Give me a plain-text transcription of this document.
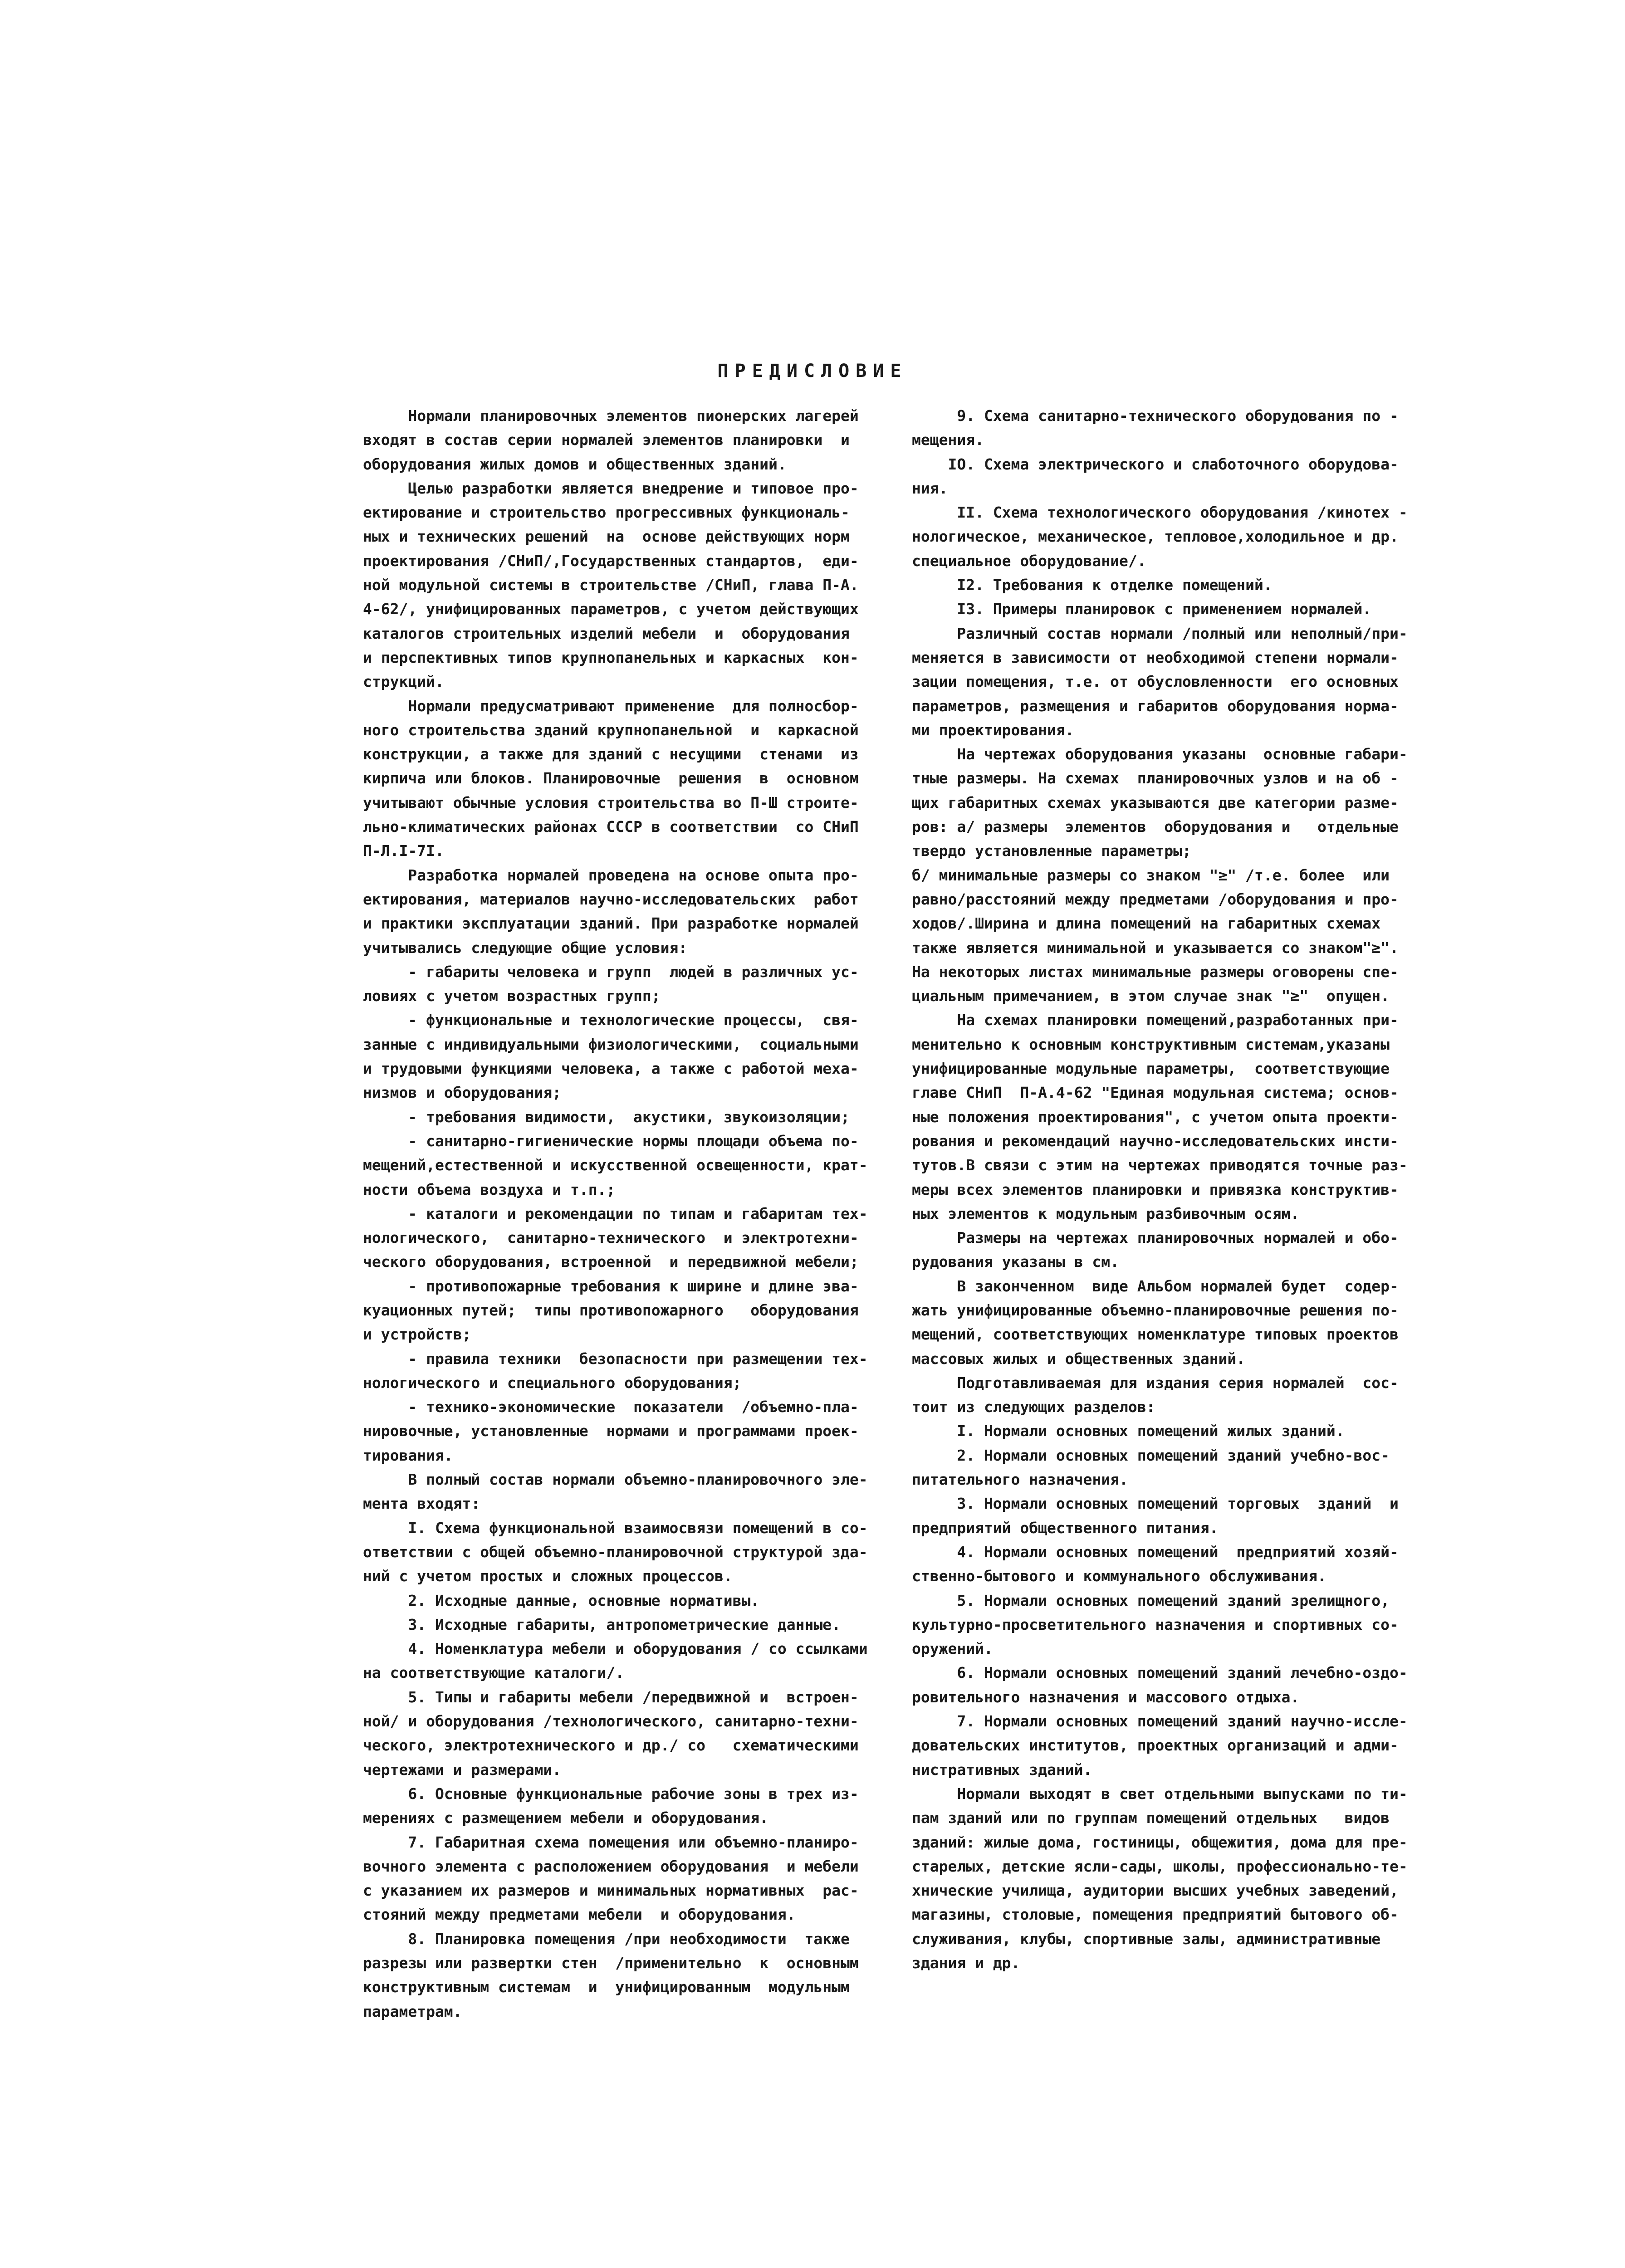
ПРЕДИСЛОВИЕ
Нормали планировочных элементов пионерских лагерей
входят в состав серии нормалей элементов планировки  и
оборудования жилых домов и общественных зданий.
Целью разработки является внедрение и типовое про-
ектирование и строительство прогрессивных функциональ-
ных и технических решений  на  основе действующих норм
проектирования /СНиП/,Государственных стандартов,  еди-
ной модульной системы в строительстве /СНиП, глава П-А.
4-62/, унифицированных параметров, с учетом действующих
каталогов строительных изделий мебели  и  оборудования
и перспективных типов крупнопанельных и каркасных  кон-
струкций.
Нормали предусматривают применение  для полносбор-
ного строительства зданий крупнопанельной  и  каркасной
конструкции, а также для зданий с несущими  стенами  из
кирпича или блоков. Планировочные  решения  в  основном
учитывают обычные условия строительства во П-Ш строите-
льно-климатических районах СССР в соответствии  со СНиП
П-Л.I-7I.
Разработка нормалей проведена на основе опыта про-
ектирования, материалов научно-исследовательских  работ
и практики эксплуатации зданий. При разработке нормалей
учитывались следующие общие условия:
- габариты человека и групп  людей в различных ус-
ловиях с учетом возрастных групп;
- функциональные и технологические процессы,  свя-
занные с индивидуальными физиологическими,  социальными
и трудовыми функциями человека, а также с работой меха-
низмов и оборудования;
- требования видимости,  акустики, звукоизоляции;
- санитарно-гигиенические нормы площади объема по-
мещений,естественной и искусственной освещенности, крат-
ности объема воздуха и т.п.;
- каталоги и рекомендации по типам и габаритам тех-
нологического,  санитарно-технического  и электротехни-
ческого оборудования, встроенной  и передвижной мебели;
- противопожарные требования к ширине и длине эва-
куационных путей;  типы противопожарного   оборудования
и устройств;
- правила техники  безопасности при размещении тех-
нологического и специального оборудования;
- технико-экономические  показатели  /объемно-пла-
нировочные, установленные  нормами и программами проек-
тирования.
В полный состав нормали объемно-планировочного эле-
мента входят:
I. Схема функциональной взаимосвязи помещений в со-
ответствии с общей объемно-планировочной структурой зда-
ний с учетом простых и сложных процессов.
2. Исходные данные, основные нормативы.
3. Исходные габариты, антропометрические данные.
4. Номенклатура мебели и оборудования / со ссылками
на соответствующие каталоги/.
5. Типы и габариты мебели /передвижной и  встроен-
ной/ и оборудования /технологического, санитарно-техни-
ческого, электротехнического и др./ со   схематическими
чертежами и размерами.
6. Основные функциональные рабочие зоны в трех из-
мерениях с размещением мебели и оборудования.
7. Габаритная схема помещения или объемно-планиро-
вочного элемента с расположением оборудования  и мебели
с указанием их размеров и минимальных нормативных  рас-
стояний между предметами мебели  и оборудования.
8. Планировка помещения /при необходимости  также
разрезы или развертки стен  /применительно  к  основным
конструктивным системам  и  унифицированным  модульным
параметрам.
9. Схема санитарно-технического оборудования по -
мещения.
IO. Схема электрического и слаботочного оборудова-
ния.
II. Схема технологического оборудования /кинотех -
нологическое, механическое, тепловое,холодильное и др.
специальное оборудование/.
I2. Требования к отделке помещений.
I3. Примеры планировок с применением нормалей.
Различный состав нормали /полный или неполный/при-
меняется в зависимости от необходимой степени нормали-
зации помещения, т.е. от обусловленности  его основных
параметров, размещения и габаритов оборудования норма-
ми проектирования.
На чертежах оборудования указаны  основные габари-
тные размеры. На схемах  планировочных узлов и на об -
щих габаритных схемах указываются две категории разме-
ров: а/ размеры  элементов  оборудования и   отдельные
твердо установленные параметры;
б/ минимальные размеры со знаком "≥" /т.е. более  или
равно/расстояний между предметами /оборудования и про-
ходов/.Ширина и длина помещений на габаритных схемах
также является минимальной и указывается со знаком"≥".
На некоторых листах минимальные размеры оговорены спе-
циальным примечанием, в этом случае знак "≥"  опущен.
На схемах планировки помещений,разработанных при-
менительно к основным конструктивным системам,указаны
унифицированные модульные параметры,  соответствующие
главе СНиП  П-А.4-62 "Единая модульная система; основ-
ные положения проектирования", с учетом опыта проекти-
рования и рекомендаций научно-исследовательских инсти-
тутов.В связи с этим на чертежах приводятся точные раз-
меры всех элементов планировки и привязка конструктив-
ных элементов к модульным разбивочным осям.
Размеры на чертежах планировочных нормалей и обо-
рудования указаны в см.
В законченном  виде Альбом нормалей будет  содер-
жать унифицированные объемно-планировочные решения по-
мещений, соответствующих номенклатуре типовых проектов
массовых жилых и общественных зданий.
Подготавливаемая для издания серия нормалей  сос-
тоит из следующих разделов:
I. Нормали основных помещений жилых зданий.
2. Нормали основных помещений зданий учебно-вос-
питательного назначения.
3. Нормали основных помещений торговых  зданий  и
предприятий общественного питания.
4. Нормали основных помещений  предприятий хозяй-
ственно-бытового и коммунального обслуживания.
5. Нормали основных помещений зданий зрелищного,
культурно-просветительного назначения и спортивных со-
оружений.
6. Нормали основных помещений зданий лечебно-оздо-
ровительного назначения и массового отдыха.
7. Нормали основных помещений зданий научно-иссле-
довательских институтов, проектных организаций и адми-
нистративных зданий.
Нормали выходят в свет отдельными выпусками по ти-
пам зданий или по группам помещений отдельных   видов
зданий: жилые дома, гостиницы, общежития, дома для пре-
старелых, детские ясли-сады, школы, профессионально-те-
хнические училища, аудитории высших учебных заведений,
магазины, столовые, помещения предприятий бытового об-
служивания, клубы, спортивные залы, административные
здания и др.
